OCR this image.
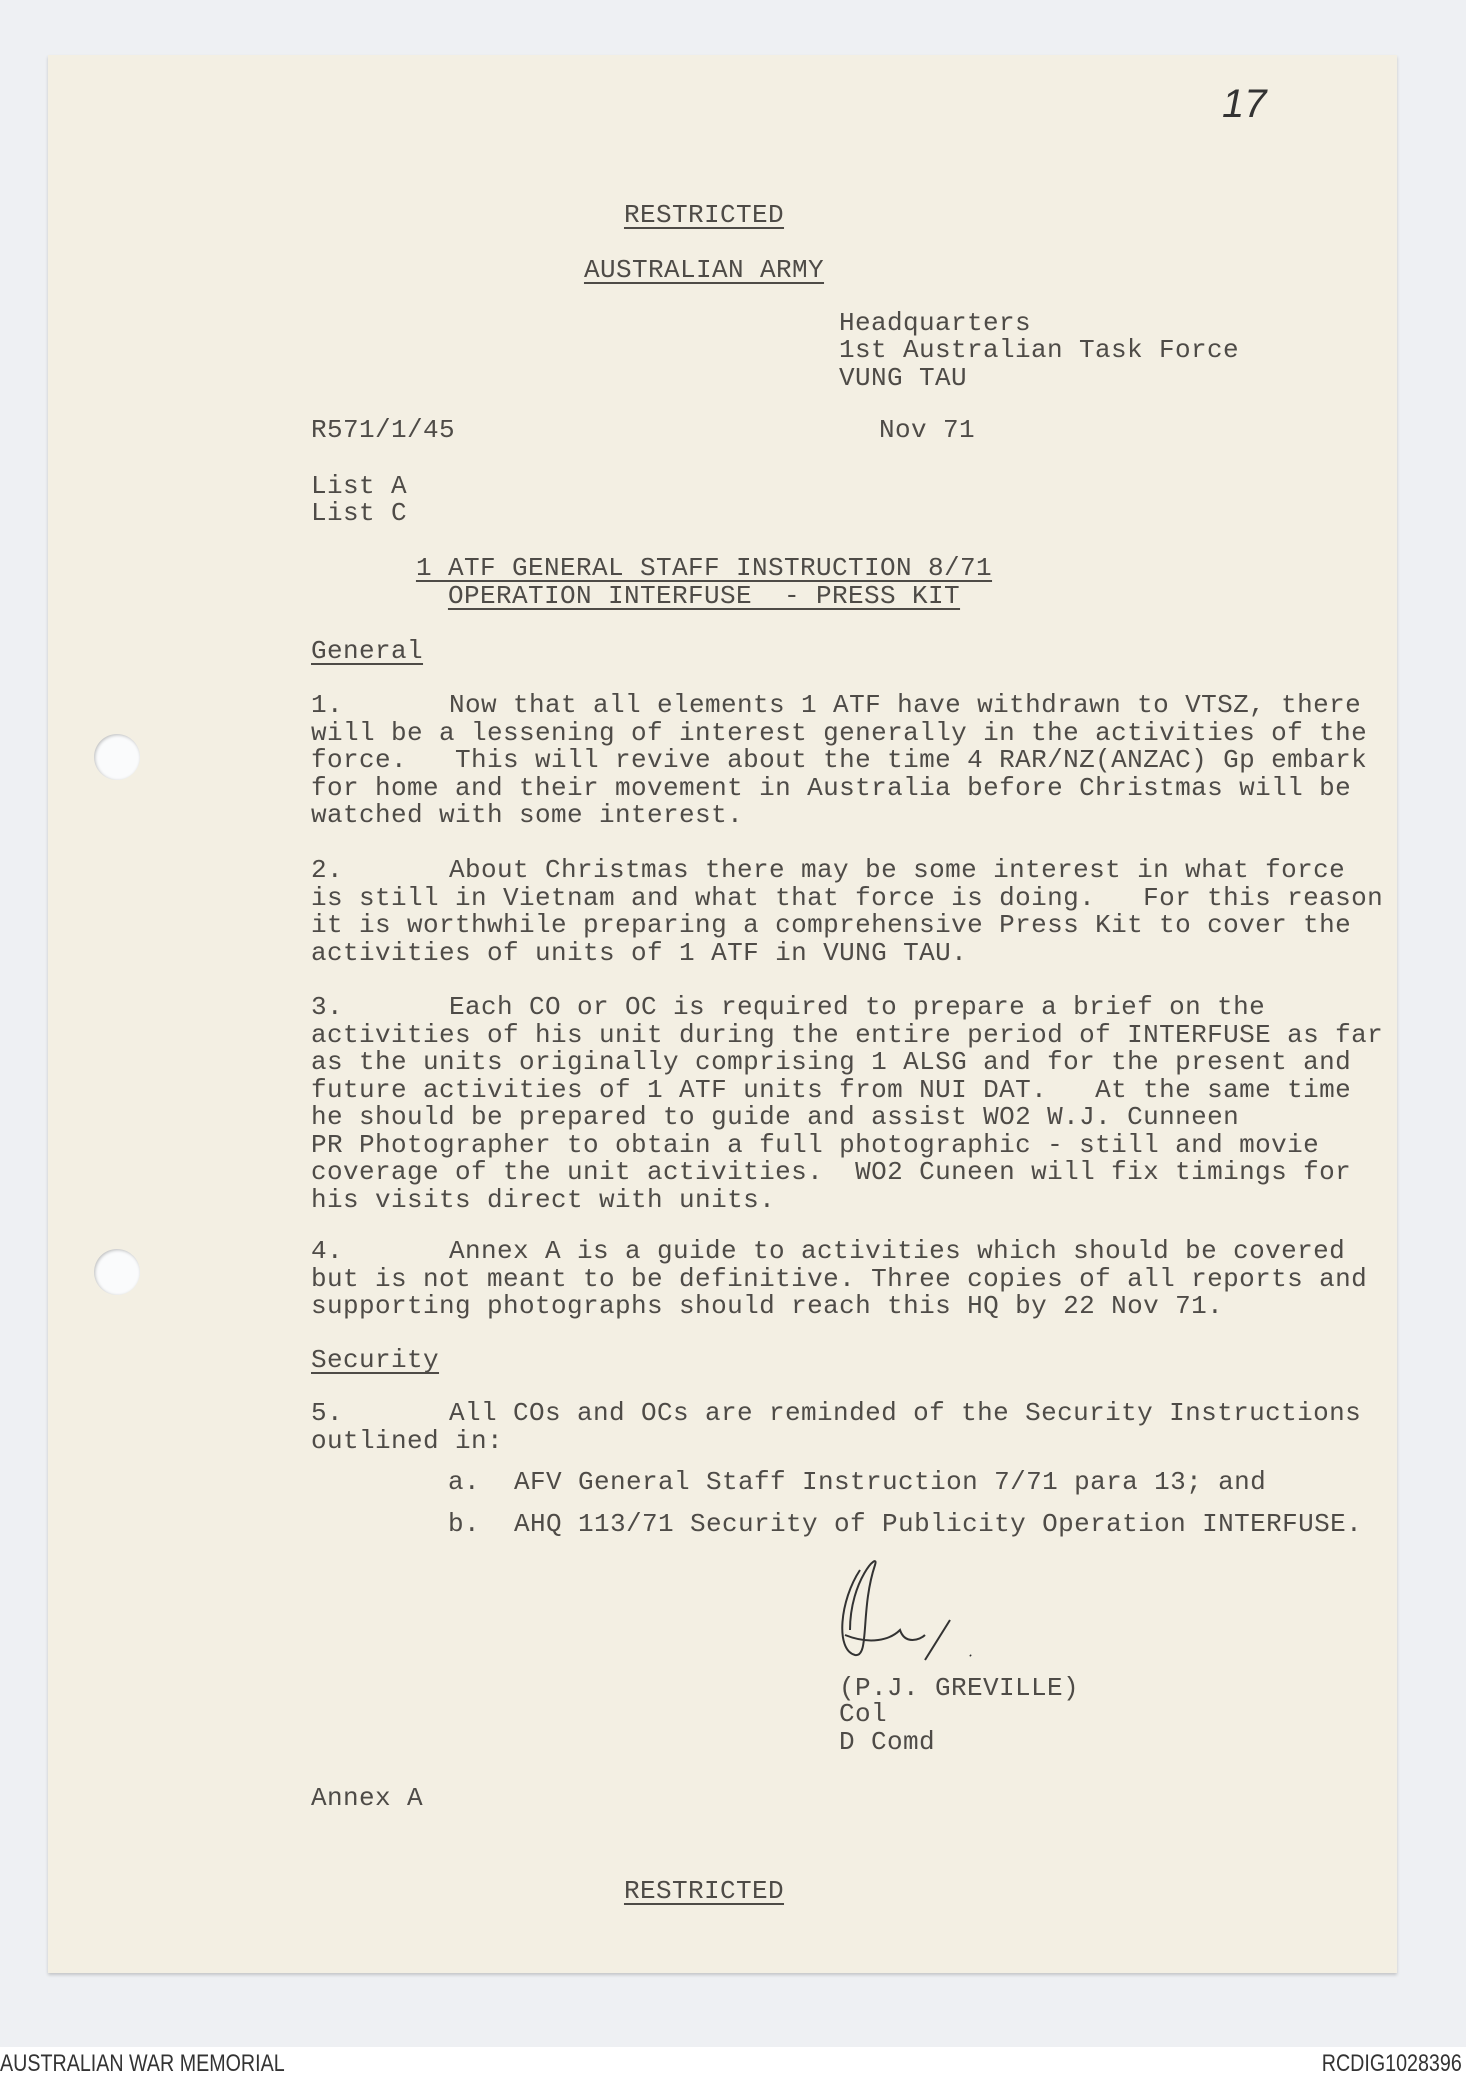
17
RESTRICTED
AUSTRALIAN ARMY
Headquarters
1st Australian Task Force
VUNG TAU
R571/1/45	Nov 71
List A
List C
1 ATF GENERAL STAFF INSTRUCTION 8/71
OPERATION INTERFUSE  - PRESS KIT
General
1.	Now that all elements 1 ATF have withdrawn to VTSZ, there
will be a lessening of interest generally in the activities of the
force.   This will revive about the time 4 RAR/NZ(ANZAC) Gp embark
for home and their movement in Australia before Christmas will be
watched with some interest.
2.	About Christmas there may be some interest in what force
is still in Vietnam and what that force is doing.   For this reason
it is worthwhile preparing a comprehensive Press Kit to cover the
activities of units of 1 ATF in VUNG TAU.
3.	Each CO or OC is required to prepare a brief on the
activities of his unit during the entire period of INTERFUSE as far
as the units originally comprising 1 ALSG and for the present and
future activities of 1 ATF units from NUI DAT.   At the same time
he should be prepared to guide and assist WO2 W.J. Cunneen
PR Photographer to obtain a full photographic - still and movie
coverage of the unit activities.  WO2 Cuneen will fix timings for
his visits direct with units.
4.	Annex A is a guide to activities which should be covered
but is not meant to be definitive. Three copies of all reports and
supporting photographs should reach this HQ by 22 Nov 71.
5.	All COs and OCs are reminded of the Security Instructions
outlined in:
Security
a. AFV General Staff Instruction 7/71 para 13; and
b. AHQ 113/71 Security of Publicity Operation INTERFUSE.
(P.J. GREVILLE)
Col
D Comd
Annex A
RESTRICTED
AUSTRALIAN WAR MEMORIAL	RCDIG1028396
